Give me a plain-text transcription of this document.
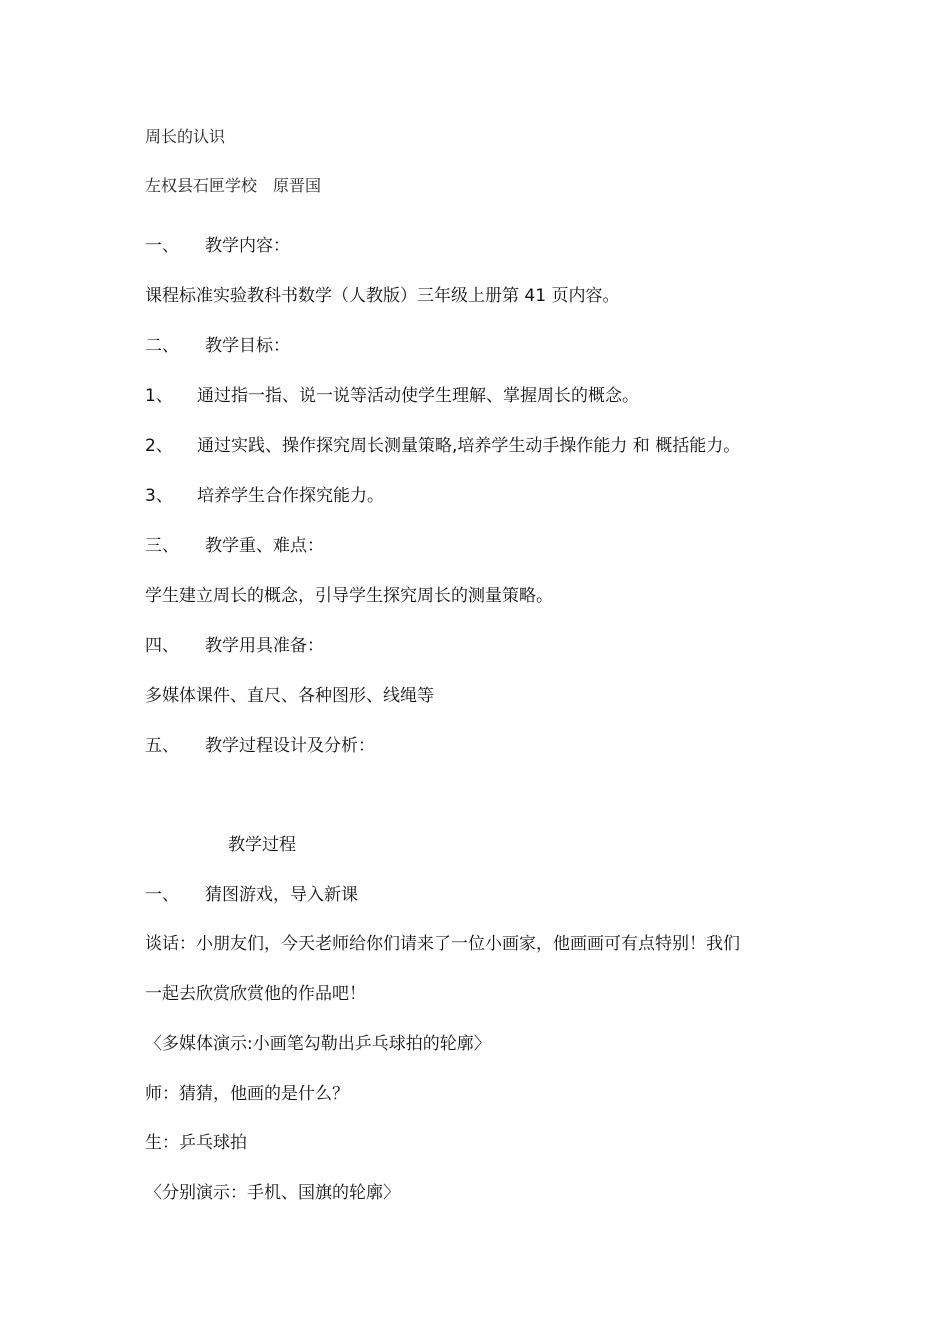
周长的认识
左权县石匣学校　原晋国
一、 教学内容：
课程标准实验教科书数学（人教版）三年级上册第 41 页内容。
二、 教学目标：
1、 通过指一指、说一说等活动使学生理解、掌握周长的概念。
2、 通过实践、操作探究周长测量策略,培养学生动手操作能力 和 概括能力。
3、 培养学生合作探究能力。
三、 教学重、难点：
学生建立周长的概念，引导学生探究周长的测量策略。
四、 教学用具准备：
多媒体课件、直尺、各种图形、线绳等
五、 教学过程设计及分析：
教学过程
一、 猜图游戏，导入新课
谈话：小朋友们，今天老师给你们请来了一位小画家，他画画可有点特别！我们
一起去欣赏欣赏他的作品吧！
〈多媒体演示:小画笔勾勒出乒乓球拍的轮廓〉
师：猜猜，他画的是什么？
生：乒乓球拍
〈分别演示：手机、国旗的轮廓〉
